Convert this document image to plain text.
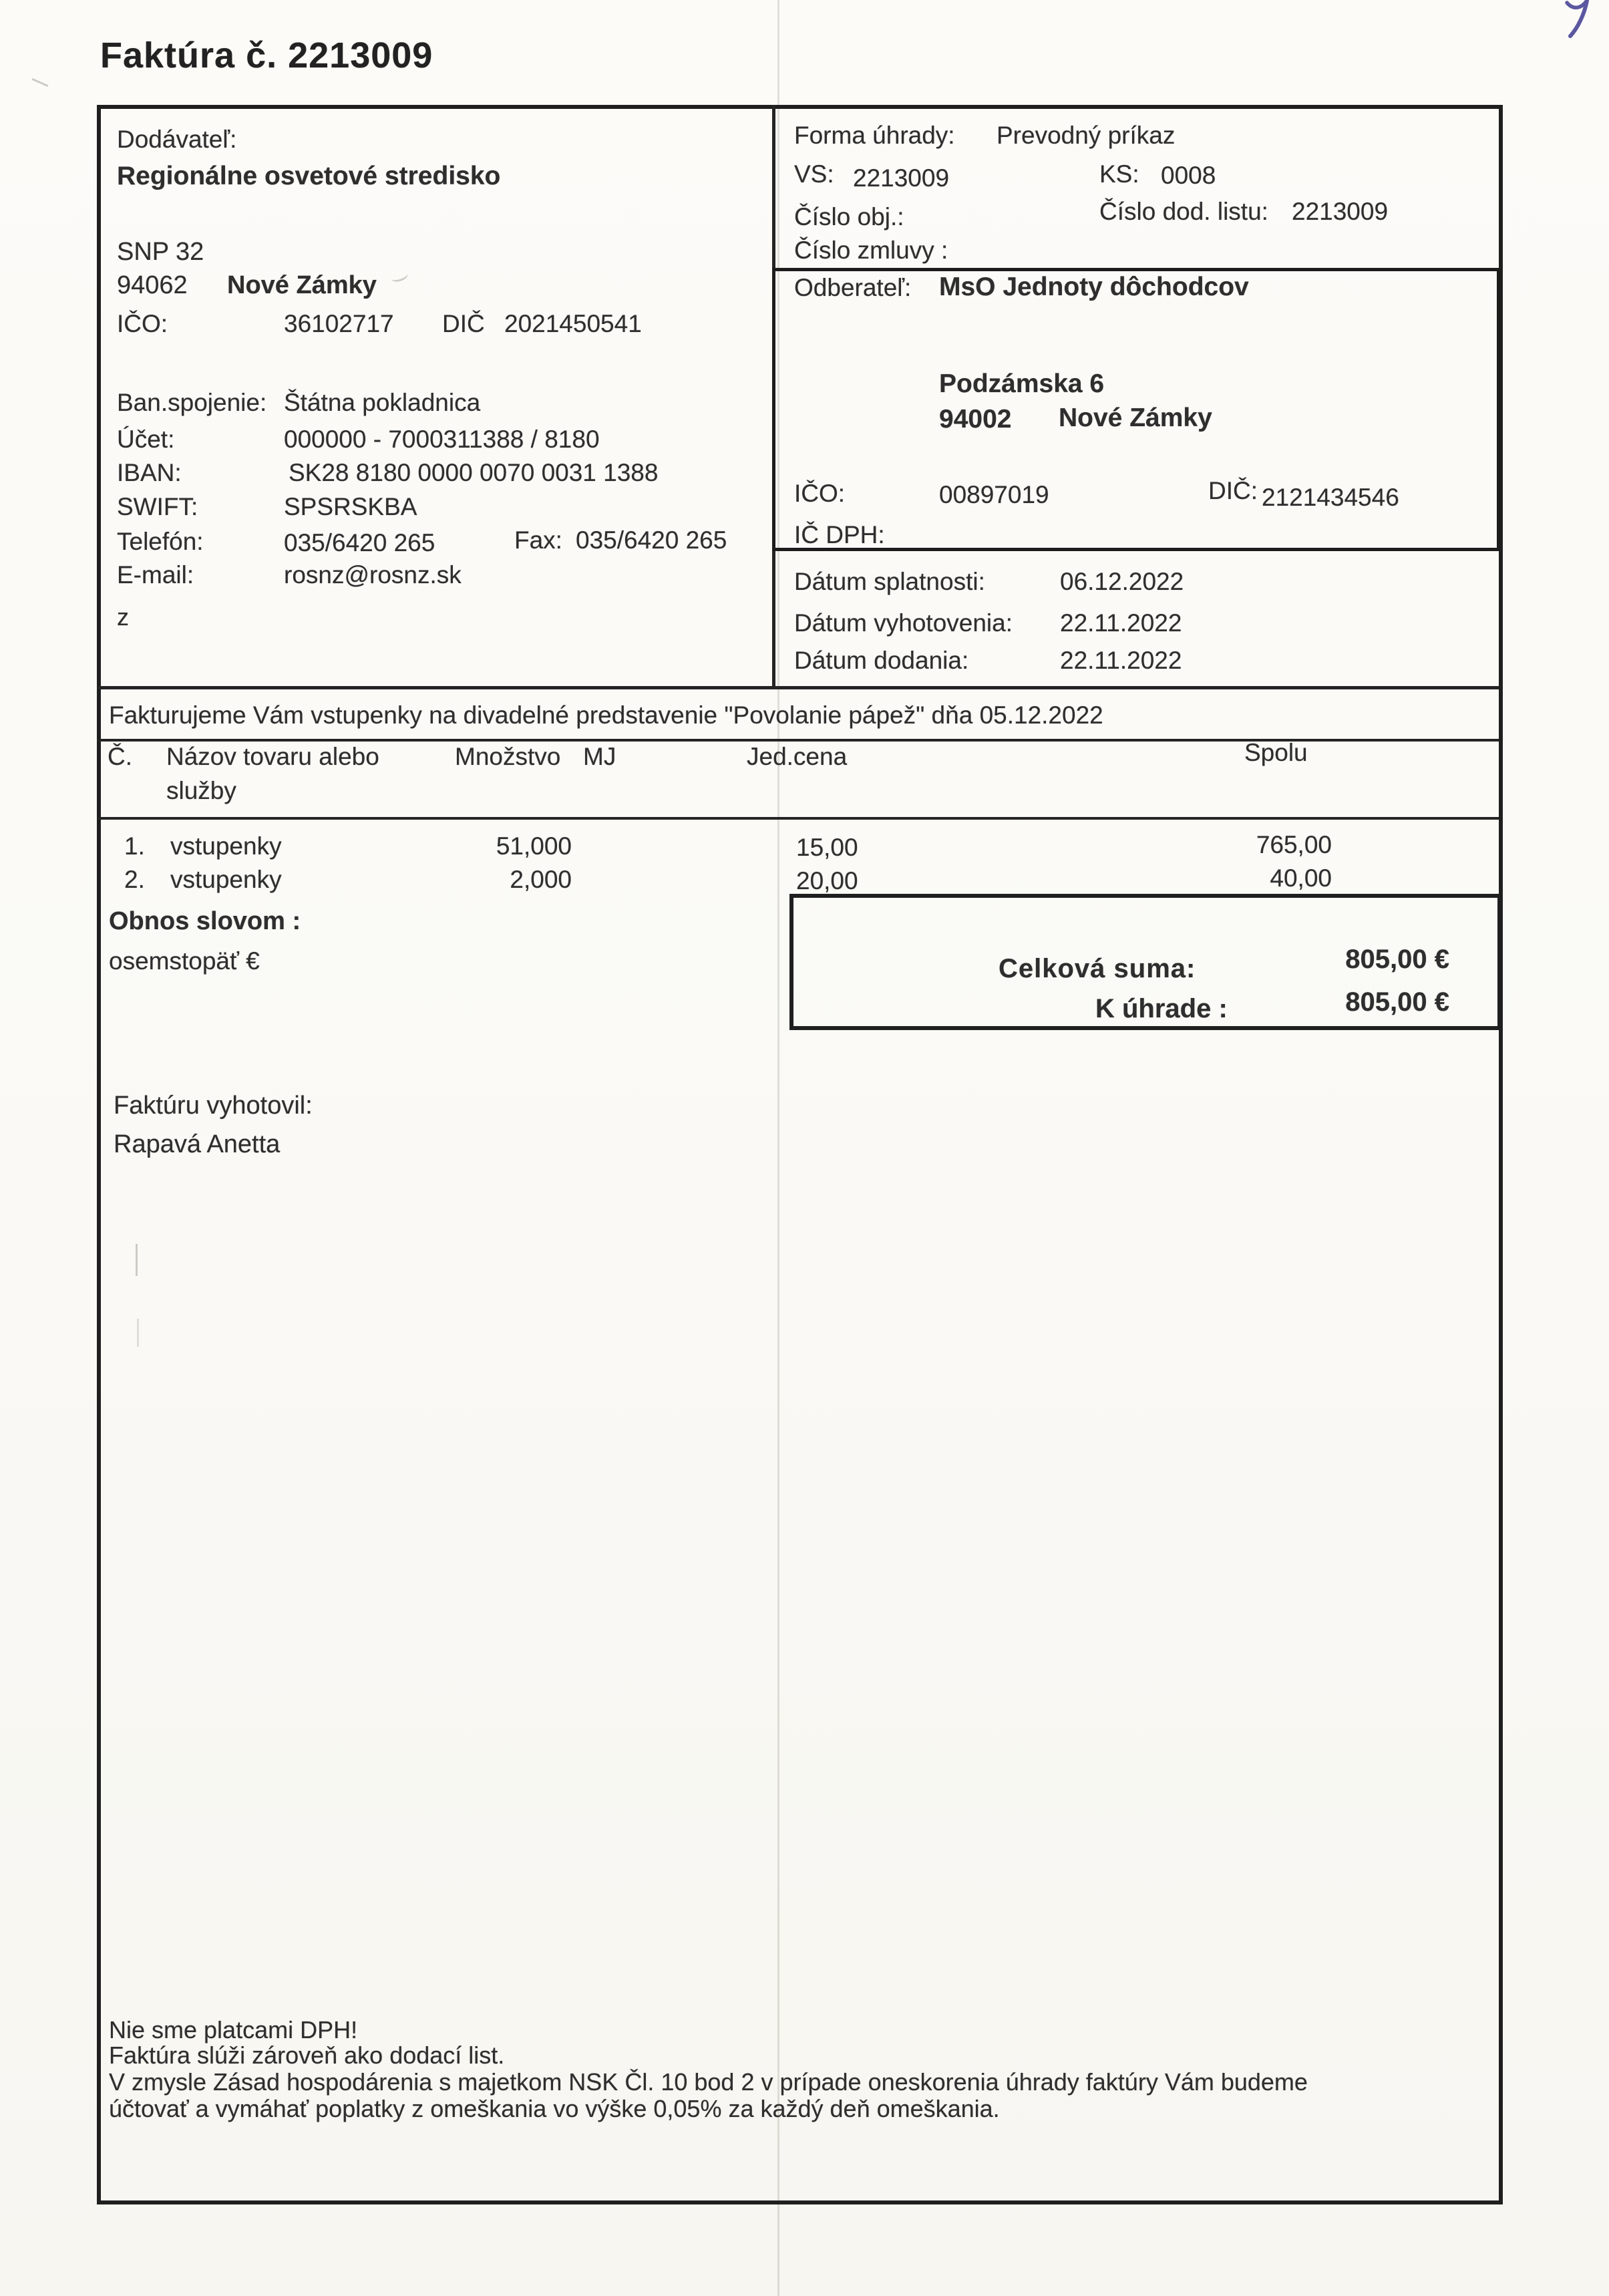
Faktúra č. 2213009
Dodávateľ:
Regionálne osvetové stredisko
SNP 32
94062 Nové Zámky
IČO:	36102717 DIČ 2021450541
Ban.spojenie: Štátna pokladnica
Účet:	000000 - 7000311388 / 8180
IBAN:	SK28 8180 0000 0070 0031 1388
SWIFT:	SPSRSKBA
Telefón:	035/6420 265	Fax: 035/6420 265
E-mail:	rosnz@rosnz.sk
z
Forma úhrady: Prevodný príkaz
VS: 2213009	KS: 0008
Číslo obj.:	Číslo dod. listu: 2213009
Číslo zmluvy :
Odberateľ: MsO Jednoty dôchodcov
Podzámska 6
94002 Nové Zámky
IČO:	00897019	DIČ: 2121434546
IČ DPH:
Dátum splatnosti:	06.12.2022
Dátum vyhotovenia: 22.11.2022
Dátum dodania:	22.11.2022
Fakturujeme Vám vstupenky na divadelné predstavenie "Povolanie pápež" dňa 05.12.2022
Č. Názov tovaru alebo
služby
Množstvo MJ	Jed.cena	Spolu
1. vstupenky	51,000	15,00	765,00
2. vstupenky	2,000	20,00	40,00
Obnos slovom :
osemstopäť €	Celková suma:	805,00 €
K úhrade :	805,00 €
Faktúru vyhotovil:
Rapavá Anetta
Nie sme platcami DPH!
Faktúra slúži zároveň ako dodací list.
V zmysle Zásad hospodárenia s majetkom NSK Čl. 10 bod 2 v prípade oneskorenia úhrady faktúry Vám budeme
účtovať a vymáhať poplatky z omeškania vo výške 0,05% za každý deň omeškania.
